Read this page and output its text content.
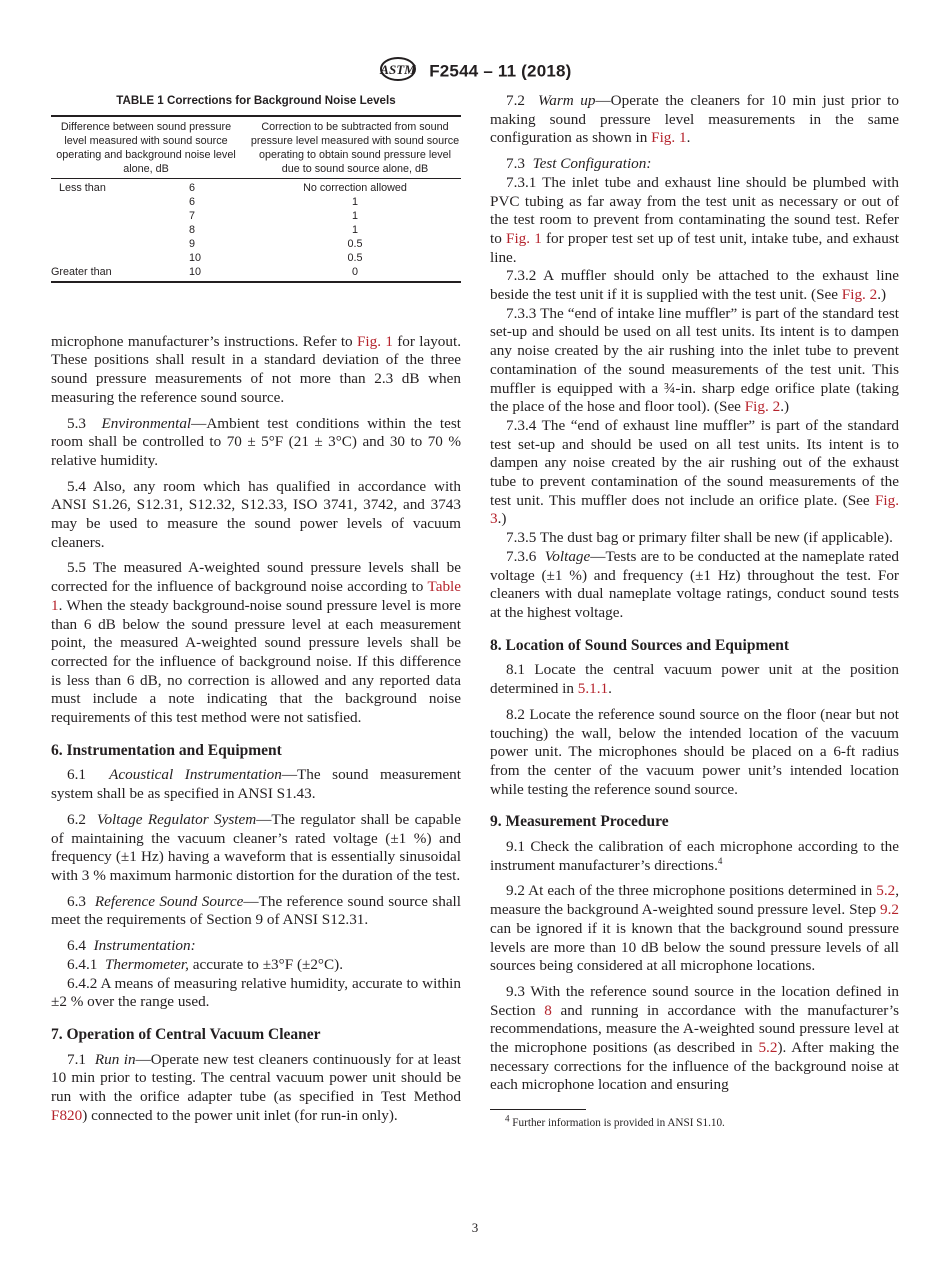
ASTM F2544 – 11 (2018)
TABLE 1 Corrections for Background Noise Levels
Difference between sound pressure level measured with sound source operating and background noise level alone, dB		Correction to be subtracted from sound pressure level measured with sound source operating to obtain sound pressure level due to sound source alone, dB
Less than	6	No correction allowed
	6	1
	7	1
	8	1
	9	0.5
	10	0.5
Greater than	10	0

microphone manufacturer’s instructions. Refer to Fig. 1 for layout. These positions shall result in a standard deviation of the three sound pressure measurements of not more than 2.3 dB when measuring the reference sound source.

5.3 Environmental—Ambient test conditions within the test room shall be controlled to 70 ± 5°F (21 ± 3°C) and 30 to 70 % relative humidity.

5.4 Also, any room which has qualified in accordance with ANSI S1.26, S12.31, S12.32, S12.33, ISO 3741, 3742, and 3743 may be used to measure the sound power levels of vacuum cleaners.

5.5 The measured A-weighted sound pressure levels shall be corrected for the influence of background noise according to Table 1. When the steady background-noise sound pressure level is more than 6 dB below the sound pressure level at each measurement point, the measured A-weighted sound pressure levels shall be corrected for the influence of background noise. If this difference is less than 6 dB, no correction is allowed and any reported data must include a note indicating that the background noise requirements of this test method were not satisfied.

6. Instrumentation and Equipment

6.1 Acoustical Instrumentation—The sound measurement system shall be as specified in ANSI S1.43.

6.2 Voltage Regulator System—The regulator shall be capable of maintaining the vacuum cleaner’s rated voltage (±1 %) and frequency (±1 Hz) having a waveform that is essentially sinusoidal with 3 % maximum harmonic distortion for the duration of the test.

6.3 Reference Sound Source—The reference sound source shall meet the requirements of Section 9 of ANSI S12.31.

6.4 Instrumentation:

6.4.1 Thermometer, accurate to ±3°F (±2°C).

6.4.2 A means of measuring relative humidity, accurate to within ±2 % over the range used.

7. Operation of Central Vacuum Cleaner

7.1 Run in—Operate new test cleaners continuously for at least 10 min prior to testing. The central vacuum power unit should be run with the orifice adapter tube (as specified in Test Method F820) connected to the power unit inlet (for run-in only).

7.2 Warm up—Operate the cleaners for 10 min just prior to making sound pressure level measurements in the same configuration as shown in Fig. 1.

7.3 Test Configuration:

7.3.1 The inlet tube and exhaust line should be plumbed with PVC tubing as far away from the test unit as necessary or out of the test room to prevent from contaminating the sound test. Refer to Fig. 1 for proper test set up of test unit, intake tube, and exhaust line.

7.3.2 A muffler should only be attached to the exhaust line beside the test unit if it is supplied with the test unit. (See Fig. 2.)

7.3.3 The “end of intake line muffler” is part of the standard test set-up and should be used on all test units. Its intent is to dampen any noise created by the air rushing into the inlet tube to prevent contamination of the sound measurements of the test unit. This muffler is equipped with a ¾-in. sharp edge orifice plate (taking the place of the hose and floor tool). (See Fig. 2.)

7.3.4 The “end of exhaust line muffler” is part of the standard test set-up and should be used on all test units. Its intent is to dampen any noise created by the air rushing out of the exhaust tube to prevent contamination of the sound measurements of the test unit. This muffler does not include an orifice plate. (See Fig. 3.)

7.3.5 The dust bag or primary filter shall be new (if applicable).

7.3.6 Voltage—Tests are to be conducted at the nameplate rated voltage (±1 %) and frequency (±1 Hz) throughout the test. For cleaners with dual nameplate voltage ratings, conduct sound tests at the highest voltage.

8. Location of Sound Sources and Equipment

8.1 Locate the central vacuum power unit at the position determined in 5.1.1.

8.2 Locate the reference sound source on the floor (near but not touching) the wall, below the intended location of the vacuum power unit. The microphones should be placed on a 6-ft radius from the center of the vacuum power unit’s intended location while testing the reference sound source.

9. Measurement Procedure

9.1 Check the calibration of each microphone according to the instrument manufacturer’s directions.$^4$

9.2 At each of the three microphone positions determined in 5.2, measure the background A-weighted sound pressure level. Step 9.2 can be ignored if it is known that the background sound pressure levels are more than 10 dB below the sound pressure levels of all sources being considered at all microphone locations.

9.3 With the reference sound source in the location defined in Section 8 and running in accordance with the manufacturer’s recommendations, measure the A-weighted sound pressure level at the microphone positions (as described in 5.2). After making the necessary corrections for the influence of the background noise at each microphone location and ensuring

$^4$ Further information is provided in ANSI S1.10.

3
